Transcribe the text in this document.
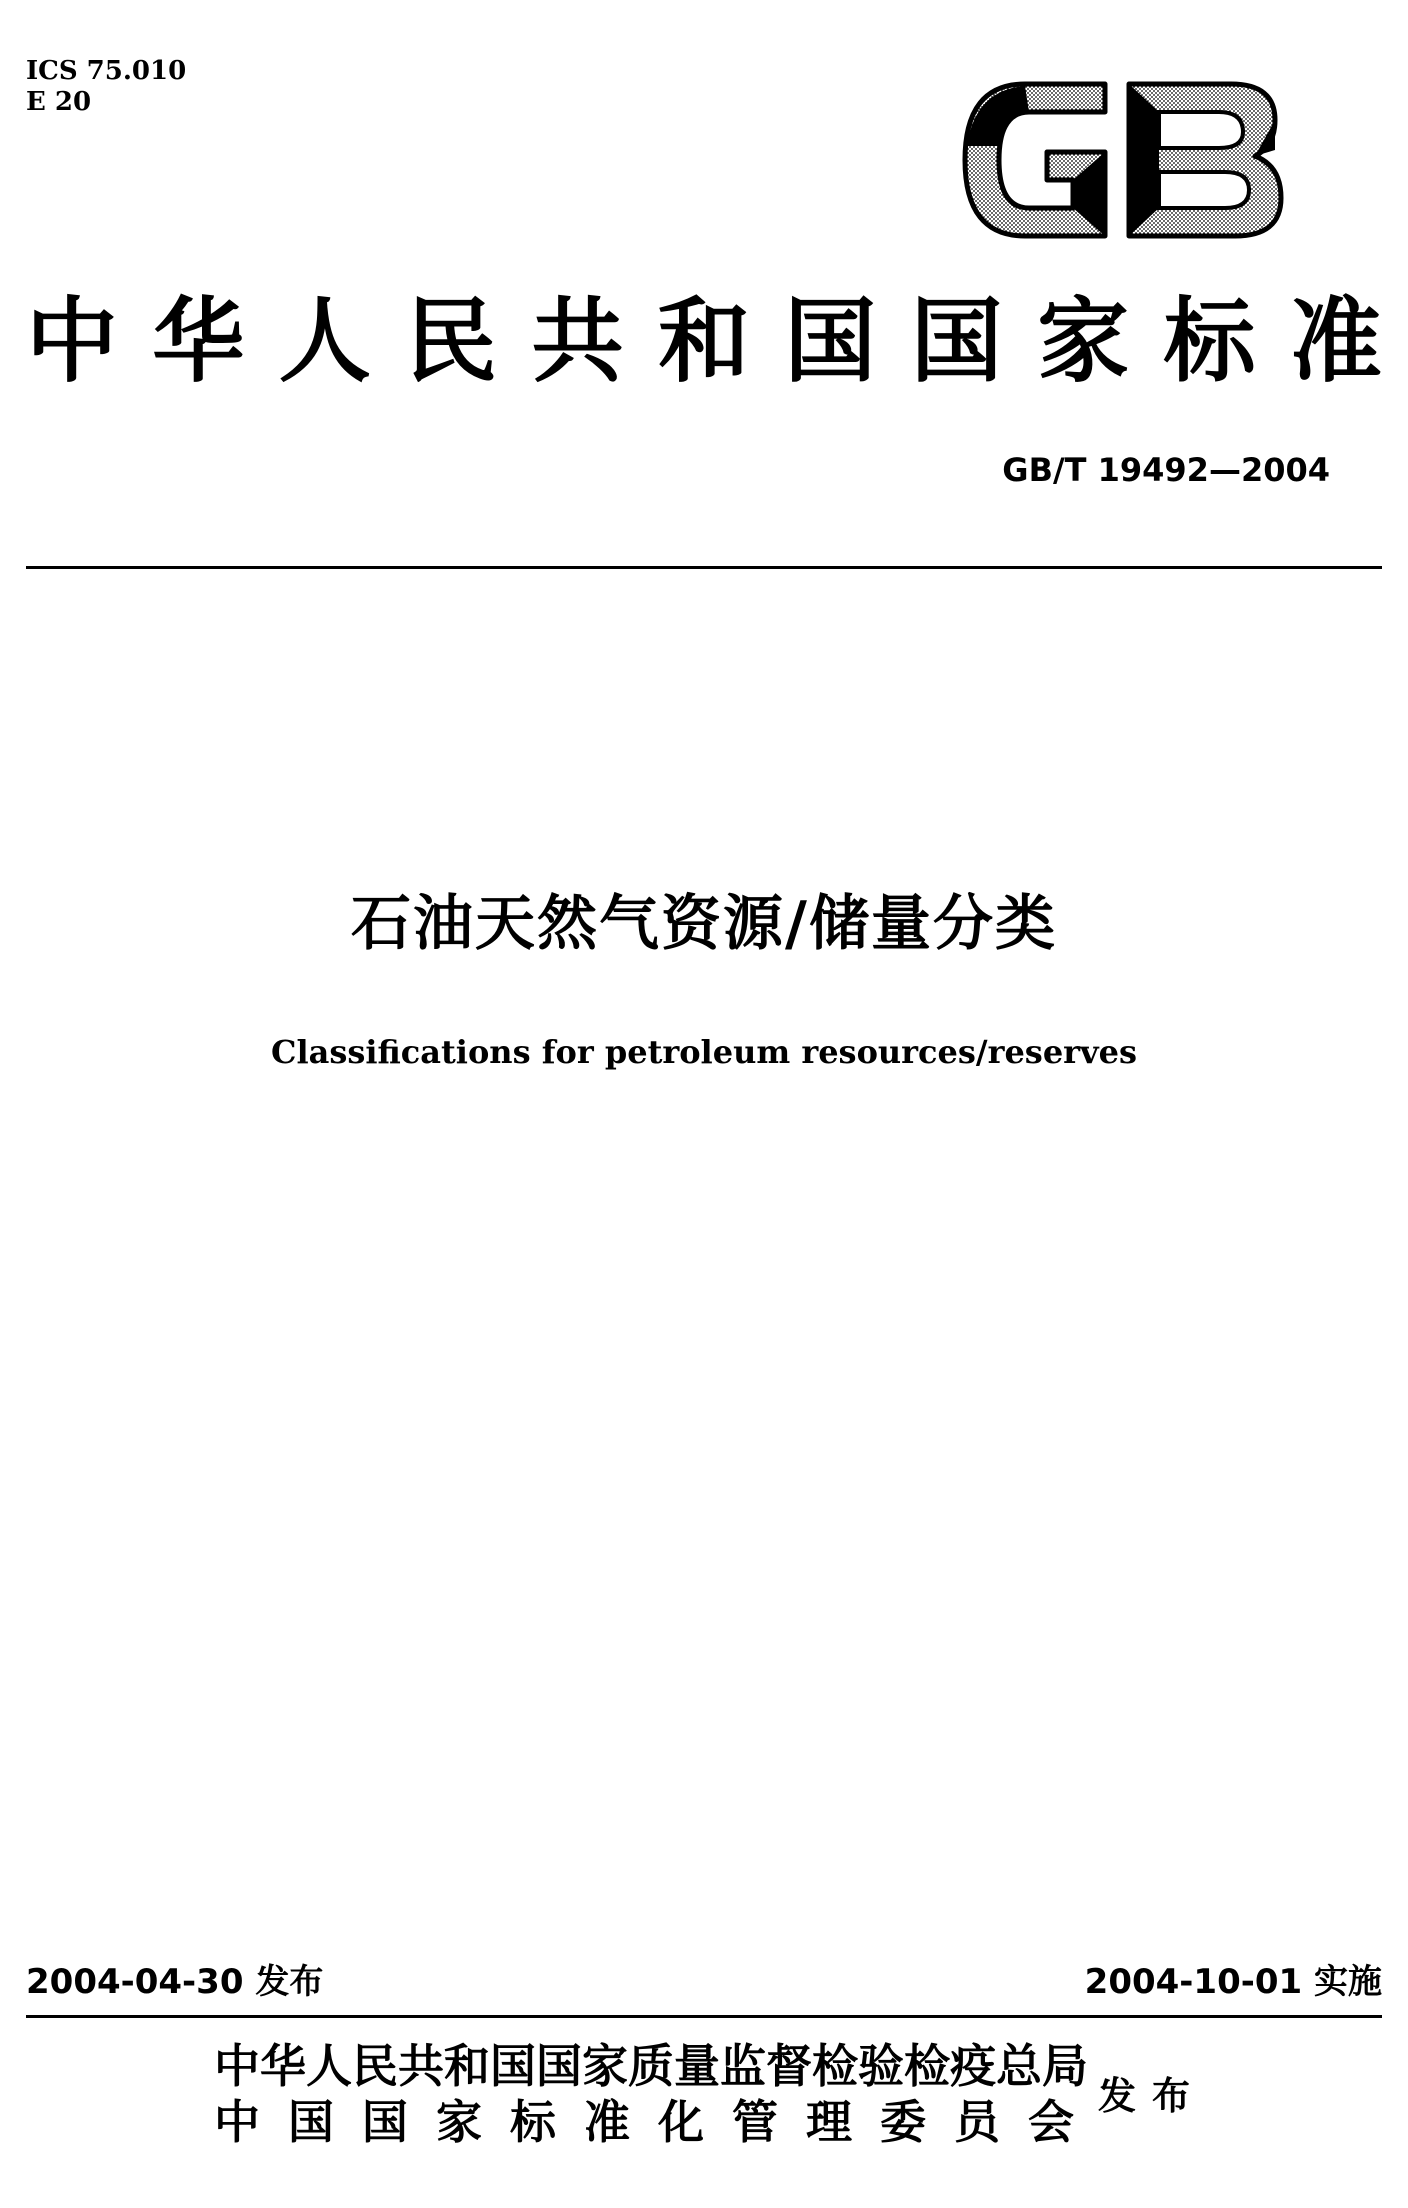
ICS 75.010
E 20
中 华 人 民 共 和 国 国 家 标 准
GB/T 19492—2004
石油天然气资源/储量分类
Classifications for petroleum resources/reserves
2004-04-30 发布	2004-10-01 实施
中 华 人 民 共 和 国 国 家 质 量 监 督 检 验 检 疫 总 局
中 国 国 家 标 准 化 管 理 委 员 会 发 布
